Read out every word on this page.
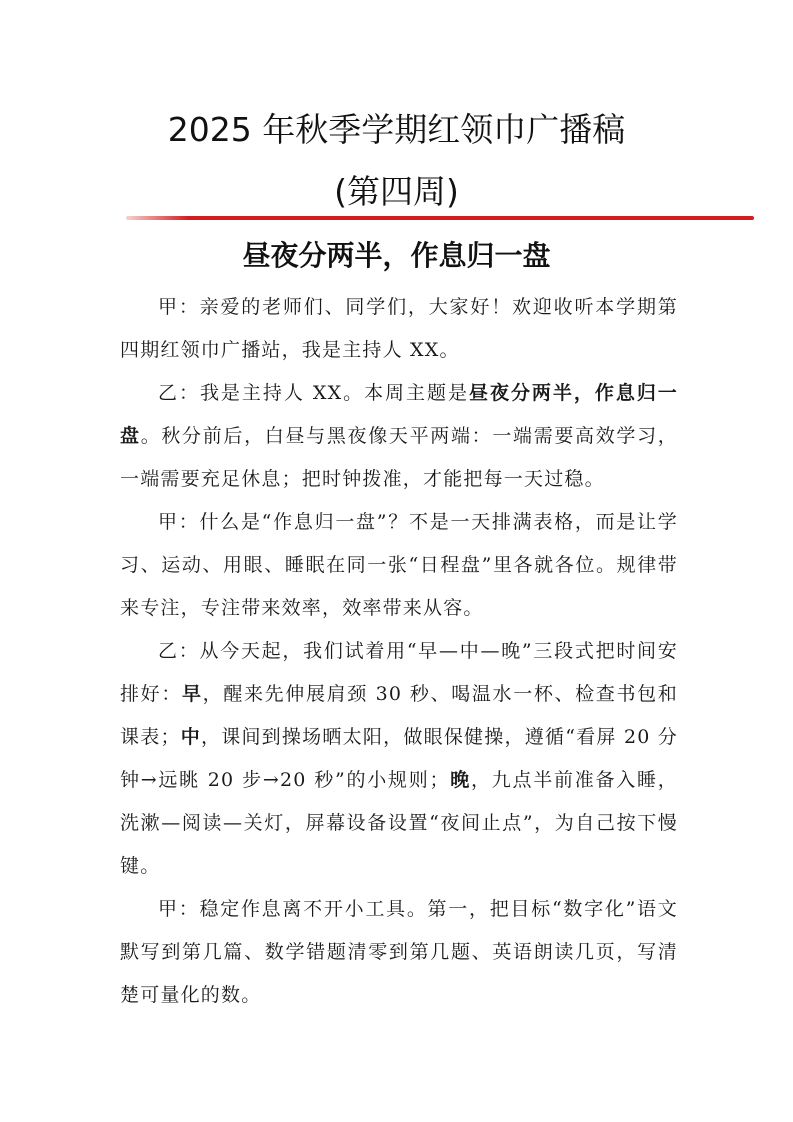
2025 年秋季学期红领巾广播稿
(第四周)
昼夜分两半，作息归一盘

甲：亲爱的老师们、同学们，大家好！欢迎收听本学期第四期红领巾广播站，我是主持人 XX。

乙：我是主持人 XX。本周主题是昼夜分两半，作息归一盘。秋分前后，白昼与黑夜像天平两端：一端需要高效学习，一端需要充足休息；把时钟拨准，才能把每一天过稳。

甲：什么是“作息归一盘”？不是一天排满表格，而是让学习、运动、用眼、睡眠在同一张“日程盘”里各就各位。规律带来专注，专注带来效率，效率带来从容。

乙：从今天起，我们试着用“早—中—晚”三段式把时间安排好：早，醒来先伸展肩颈 30 秒、喝温水一杯、检查书包和课表；中，课间到操场晒太阳，做眼保健操，遵循“看屏 20 分钟→远眺 20 步→20 秒”的小规则；晚，九点半前准备入睡，洗漱—阅读—关灯，屏幕设备设置“夜间止点”，为自己按下慢键。

甲：稳定作息离不开小工具。第一，把目标“数字化”语文默写到第几篇、数学错题清零到第几题、英语朗读几页，写清楚可量化的数。
